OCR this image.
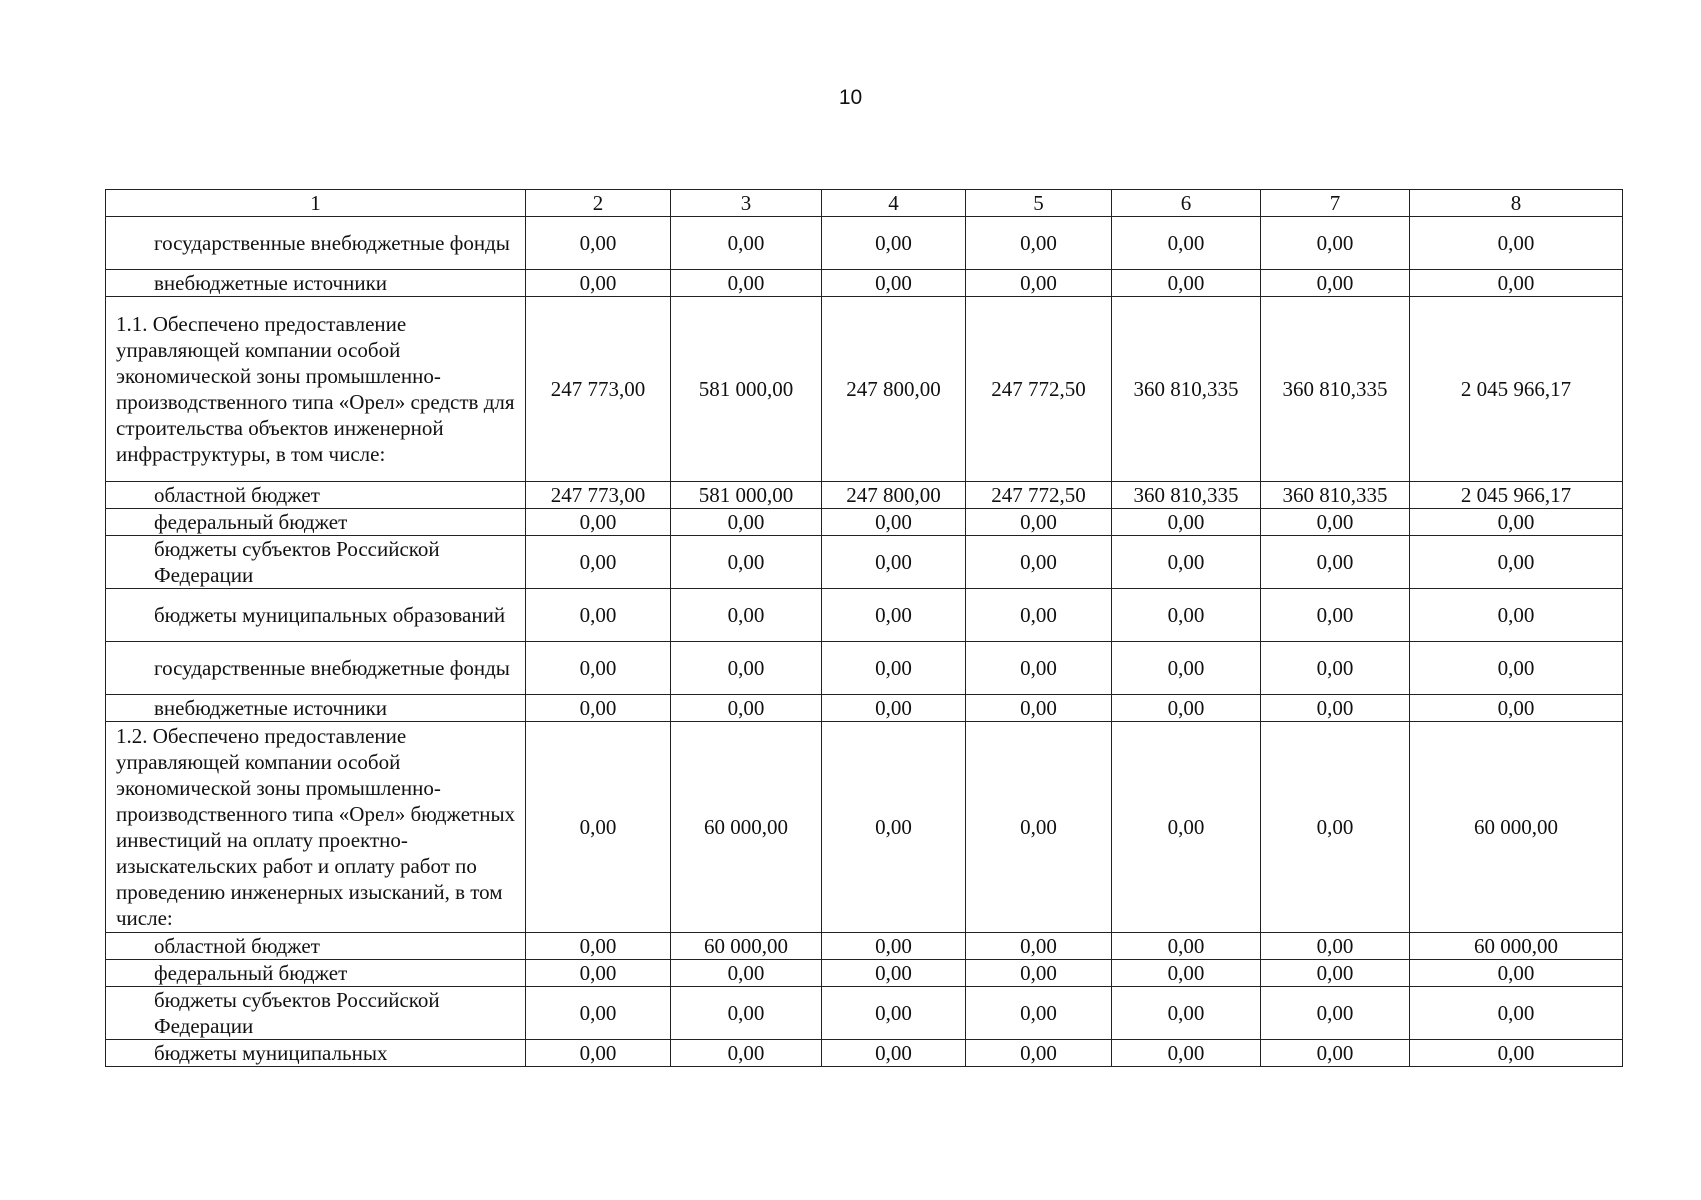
10
1	2	3	4	5	6	7	8
государственные внебюджетные фонды	0,00	0,00	0,00	0,00	0,00	0,00	0,00
внебюджетные источники	0,00	0,00	0,00	0,00	0,00	0,00	0,00
1.1. Обеспечено предоставление управляющей компании особой экономической зоны промышленно-производственного типа «Орел» средств для строительства объектов инженерной инфраструктуры, в том числе:	247 773,00	581 000,00	247 800,00	247 772,50	360 810,335	360 810,335	2 045 966,17
областной бюджет	247 773,00	581 000,00	247 800,00	247 772,50	360 810,335	360 810,335	2 045 966,17
федеральный бюджет	0,00	0,00	0,00	0,00	0,00	0,00	0,00
бюджеты субъектов Российской Федерации	0,00	0,00	0,00	0,00	0,00	0,00	0,00
бюджеты муниципальных образований	0,00	0,00	0,00	0,00	0,00	0,00	0,00
государственные внебюджетные фонды	0,00	0,00	0,00	0,00	0,00	0,00	0,00
внебюджетные источники	0,00	0,00	0,00	0,00	0,00	0,00	0,00
1.2. Обеспечено предоставление управляющей компании особой экономической зоны промышленно-производственного типа «Орел» бюджетных инвестиций на оплату проектно-изыскательских работ и оплату работ по проведению инженерных изысканий, в том числе:	0,00	60 000,00	0,00	0,00	0,00	0,00	60 000,00
областной бюджет	0,00	60 000,00	0,00	0,00	0,00	0,00	60 000,00
федеральный бюджет	0,00	0,00	0,00	0,00	0,00	0,00	0,00
бюджеты субъектов Российской Федерации	0,00	0,00	0,00	0,00	0,00	0,00	0,00
бюджеты муниципальных	0,00	0,00	0,00	0,00	0,00	0,00	0,00
